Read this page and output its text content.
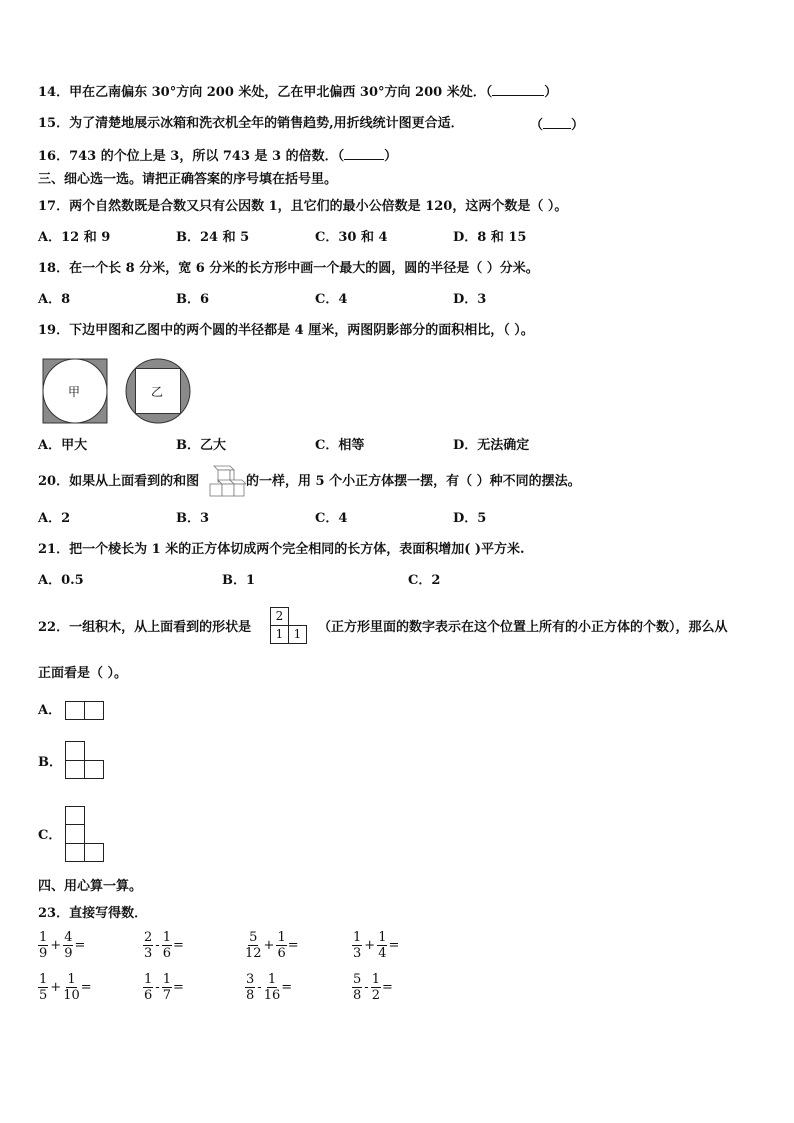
14．甲在乙南偏东 30°方向 200 米处，乙在甲北偏西 30°方向 200 米处．（	）
15．为了清楚地展示冰箱和洗衣机全年的销售趋势,用折线统计图更合适．	（ ）
16．743 的个位上是 3，所以 743 是 3 的倍数．（	）
三、细心选一选。请把正确答案的序号填在括号里。
17．两个自然数既是合数又只有公因数 1，且它们的最小公倍数是 120，这两个数是（ ）。
A．12 和 9	B．24 和 5	C．30 和 4	D．8 和 15
18．在一个长 8 分米，宽 6 分米的长方形中画一个最大的圆，圆的半径是（ ）分米。
A．8	B．6	C．4	D．3
19．下边甲图和乙图中的两个圆的半径都是 4 厘米，两图阴影部分的面积相比，（ ）。
甲	乙
A．甲大	B．乙大	C．相等	D．无法确定
20．如果从上面看到的和图	的一样，用 5 个小正方体摆一摆，有（ ）种不同的摆法。
A．2	B．3	C．4	D．5
21．把一个棱长为 1 米的正方体切成两个完全相同的长方体，表面积增加( )平方米.
A．0.5	B．1	C．2
22．一组积木，从上面看到的形状是
2
1 1	（正方形里面的数字表示在这个位置上所有的小正方体的个数），那么从
正面看是（ ）。
A．
B．
C．
四、用心算一算。
23．直接写得数．
$\frac{1}{9} + \frac{4}{9}$ =	$\frac{2}{3} - \frac{1}{6}$ =	$\frac{5}{12} + \frac{1}{6}$ =	$\frac{1}{3} + \frac{1}{4}$ =
$\frac{1}{5} + \frac{1}{10}$ =	$\frac{1}{6} - \frac{1}{7}$ =	$\frac{3}{8} - \frac{1}{16}$ =	$\frac{5}{8} - \frac{1}{2}$ =
